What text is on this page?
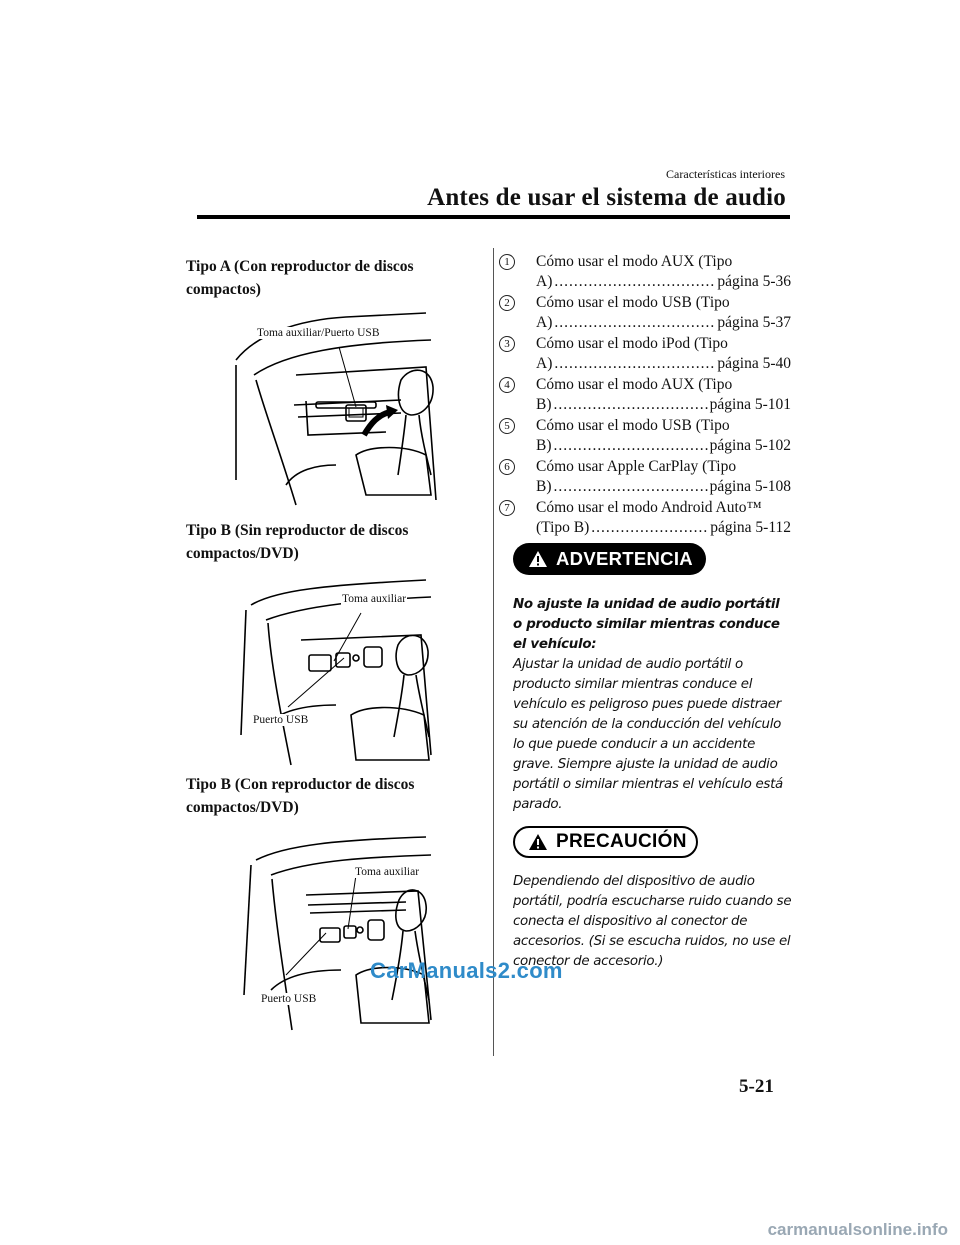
Características interiores
Antes de usar el sistema de audio
Tipo A (Con reproductor de discos compactos)
Toma auxiliar/Puerto USB
Tipo B (Sin reproductor de discos compactos/DVD)
Toma auxiliar
Puerto USB
Tipo B (Con reproductor de discos compactos/DVD)
Toma auxiliar
Puerto USB
1	Cómo usar el modo AUX (Tipo
A) .....	página 5-36
2	Cómo usar el modo USB (Tipo
A) .....	página 5-37
3	Cómo usar el modo iPod (Tipo
A) .....	página 5-40
4	Cómo usar el modo AUX (Tipo
B) .....	página 5-101
5	Cómo usar el modo USB (Tipo
B) .....	página 5-102
6	Cómo usar Apple CarPlay (Tipo
B) .....	página 5-108
7	Cómo usar el modo Android Auto™
(Tipo B) .....	página 5-112
ADVERTENCIA
No ajuste la unidad de audio portátil o producto similar mientras conduce el vehículo:
Ajustar la unidad de audio portátil o producto similar mientras conduce el vehículo es peligroso pues puede distraer su atención de la conducción del vehículo lo que puede conducir a un accidente grave. Siempre ajuste la unidad de audio portátil o similar mientras el vehículo está parado.
PRECAUCIÓN
Dependiendo del dispositivo de audio portátil, podría escucharse ruido cuando se conecta el dispositivo al conector de accesorios. (Si se escucha ruidos, no use el conector de accesorio.)
CarManuals2.com
5-21
carmanualsonline.info
